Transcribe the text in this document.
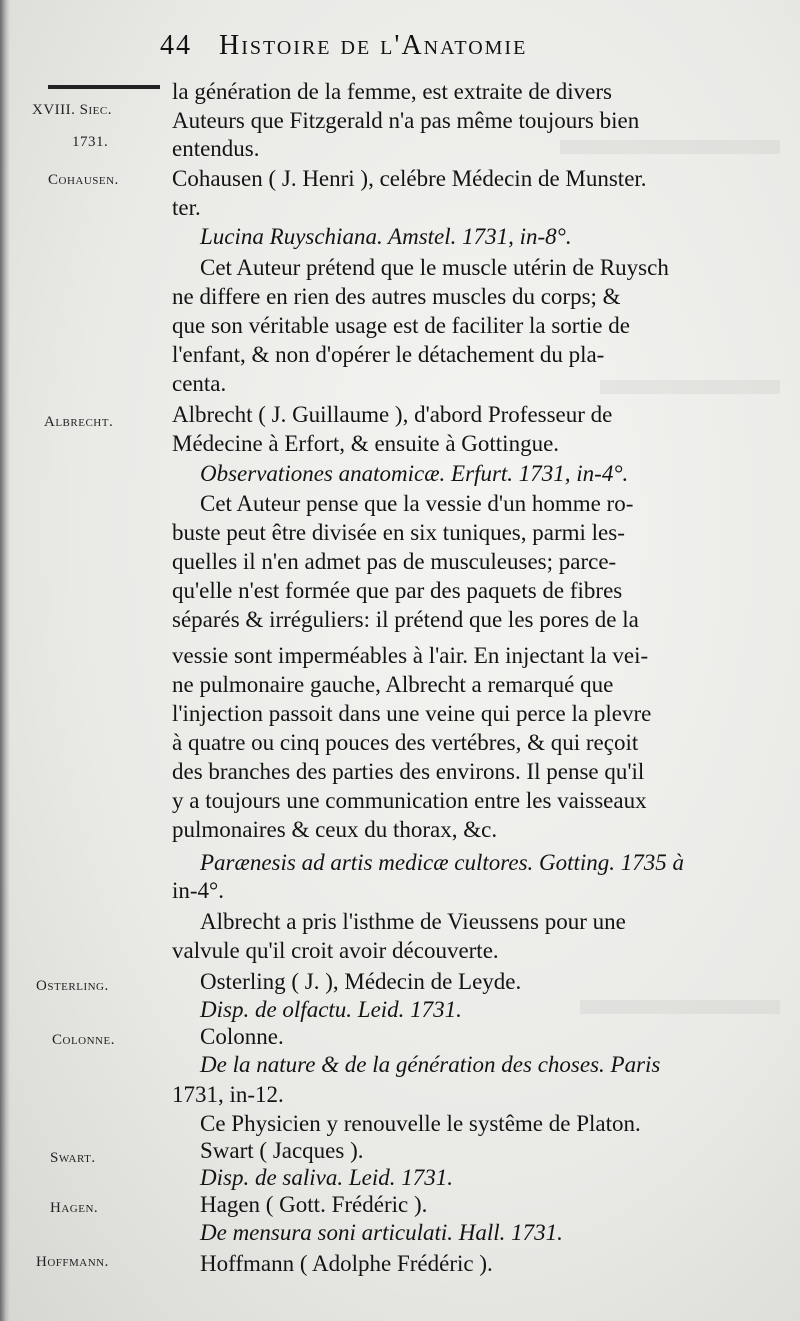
44 Histoire de l'Anatomie
XVIII. Siec.
1731.
Cohausen.
Albrecht.
Osterling.
Colonne.
Swart.
Hagen.
Hoffmann.
la génération de la femme, est extraite de divers
Auteurs que Fitzgerald n'a pas même toujours bien
entendus.
Cohausen ( J. Henri ), celébre Médecin de Munster.
ter.
Lucina Ruyschiana. Amstel. 1731, in-8°.
Cet Auteur prétend que le muscle utérin de Ruysch
ne differe en rien des autres muscles du corps; &
que son véritable usage est de faciliter la sortie de
l'enfant, & non d'opérer le détachement du pla-
centa.
Albrecht ( J. Guillaume ), d'abord Professeur de
Médecine à Erfort, & ensuite à Gottingue.
Observationes anatomicæ. Erfurt. 1731, in-4°.
Cet Auteur pense que la vessie d'un homme ro-
buste peut être divisée en six tuniques, parmi les-
quelles il n'en admet pas de musculeuses; parce-
qu'elle n'est formée que par des paquets de fibres
séparés & irréguliers: il prétend que les pores de la
vessie sont imperméables à l'air. En injectant la vei-
ne pulmonaire gauche, Albrecht a remarqué que
l'injection passoit dans une veine qui perce la plevre
à quatre ou cinq pouces des vertébres, & qui reçoit
des branches des parties des environs. Il pense qu'il
y a toujours une communication entre les vaisseaux
pulmonaires & ceux du thorax, &c.
Parænesis ad artis medicæ cultores. Gotting. 1735 à
in-4°.
Albrecht a pris l'isthme de Vieussens pour une
valvule qu'il croit avoir découverte.
Osterling ( J. ), Médecin de Leyde.
Disp. de olfactu. Leid. 1731.
Colonne.
De la nature & de la génération des choses. Paris
1731, in-12.
Ce Physicien y renouvelle le systême de Platon.
Swart ( Jacques ).
Disp. de saliva. Leid. 1731.
Hagen ( Gott. Frédéric ).
De mensura soni articulati. Hall. 1731.
Hoffmann ( Adolphe Frédéric ).
